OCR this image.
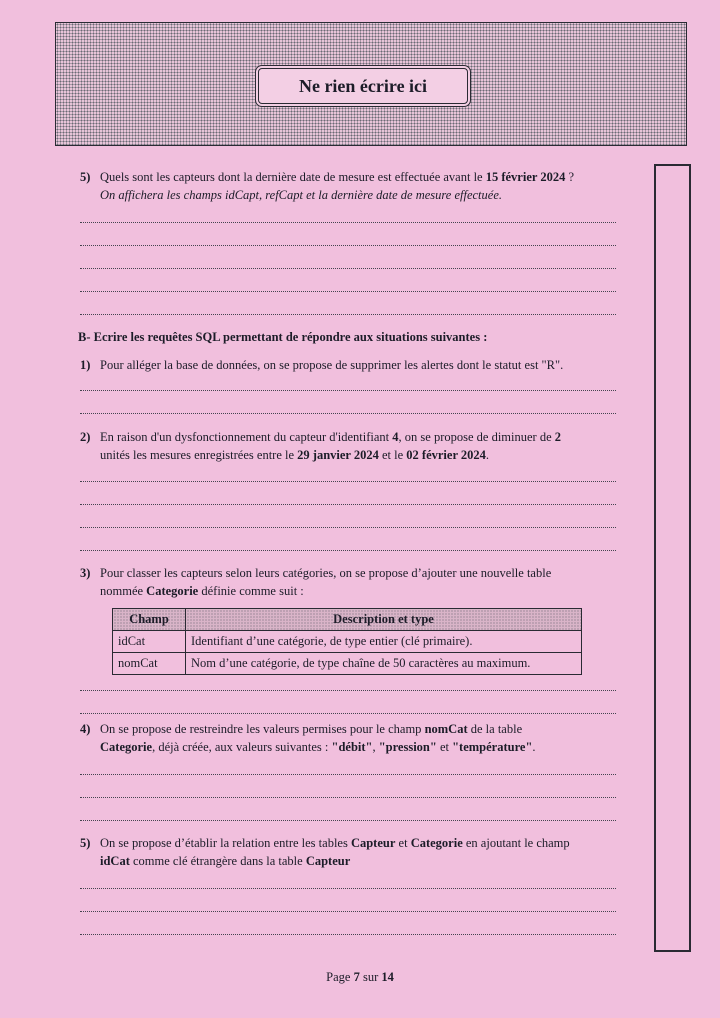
Ne rien écrire ici

5) Quels sont les capteurs dont la dernière date de mesure est effectuée avant le 15 février 2024 ?

On affichera les champs idCapt, refCapt et la dernière date de mesure effectuée.

B- Ecrire les requêtes SQL permettant de répondre aux situations suivantes :

1) Pour alléger la base de données, on se propose de supprimer les alertes dont le statut est "R".

2) En raison d'un dysfonctionnement du capteur d'identifiant 4, on se propose de diminuer de 2

unités les mesures enregistrées entre le 29 janvier 2024 et le 02 février 2024.

3) Pour classer les capteurs selon leurs catégories, on se propose d’ajouter une nouvelle table

nommée Categorie définie comme suit :

Champ	Description et type
idCat	Identifiant d’une catégorie, de type entier (clé primaire).
nomCat	Nom d’une catégorie, de type chaîne de 50 caractères au maximum.

4) On se propose de restreindre les valeurs permises pour le champ nomCat de la table

Categorie, déjà créée, aux valeurs suivantes : "débit", "pression" et "température".

5) On se propose d’établir la relation entre les tables Capteur et Categorie en ajoutant le champ

idCat comme clé étrangère dans la table Capteur

Page 7 sur 14
